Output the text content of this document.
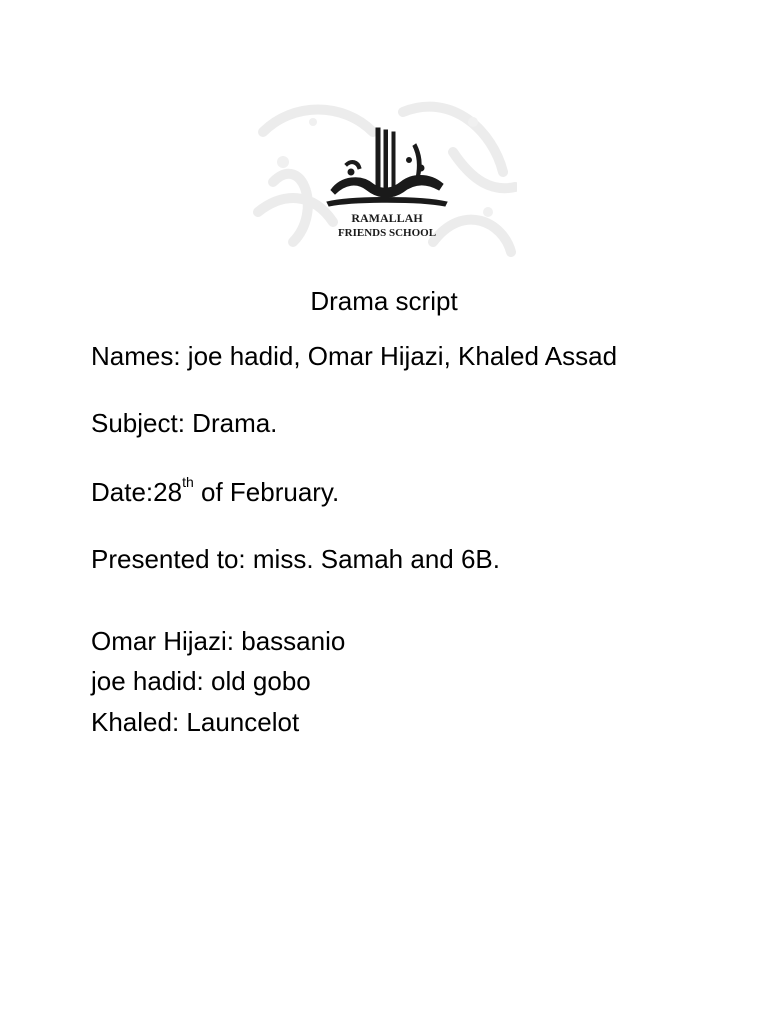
RAMALLAH
FRIENDS SCHOOL
Drama script
Names: joe hadid, Omar Hijazi, Khaled Assad
Subject: Drama.
Date:28th of February.
Presented to: miss. Samah and 6B.
Omar Hijazi: bassanio
joe hadid: old gobo
Khaled: Launcelot
